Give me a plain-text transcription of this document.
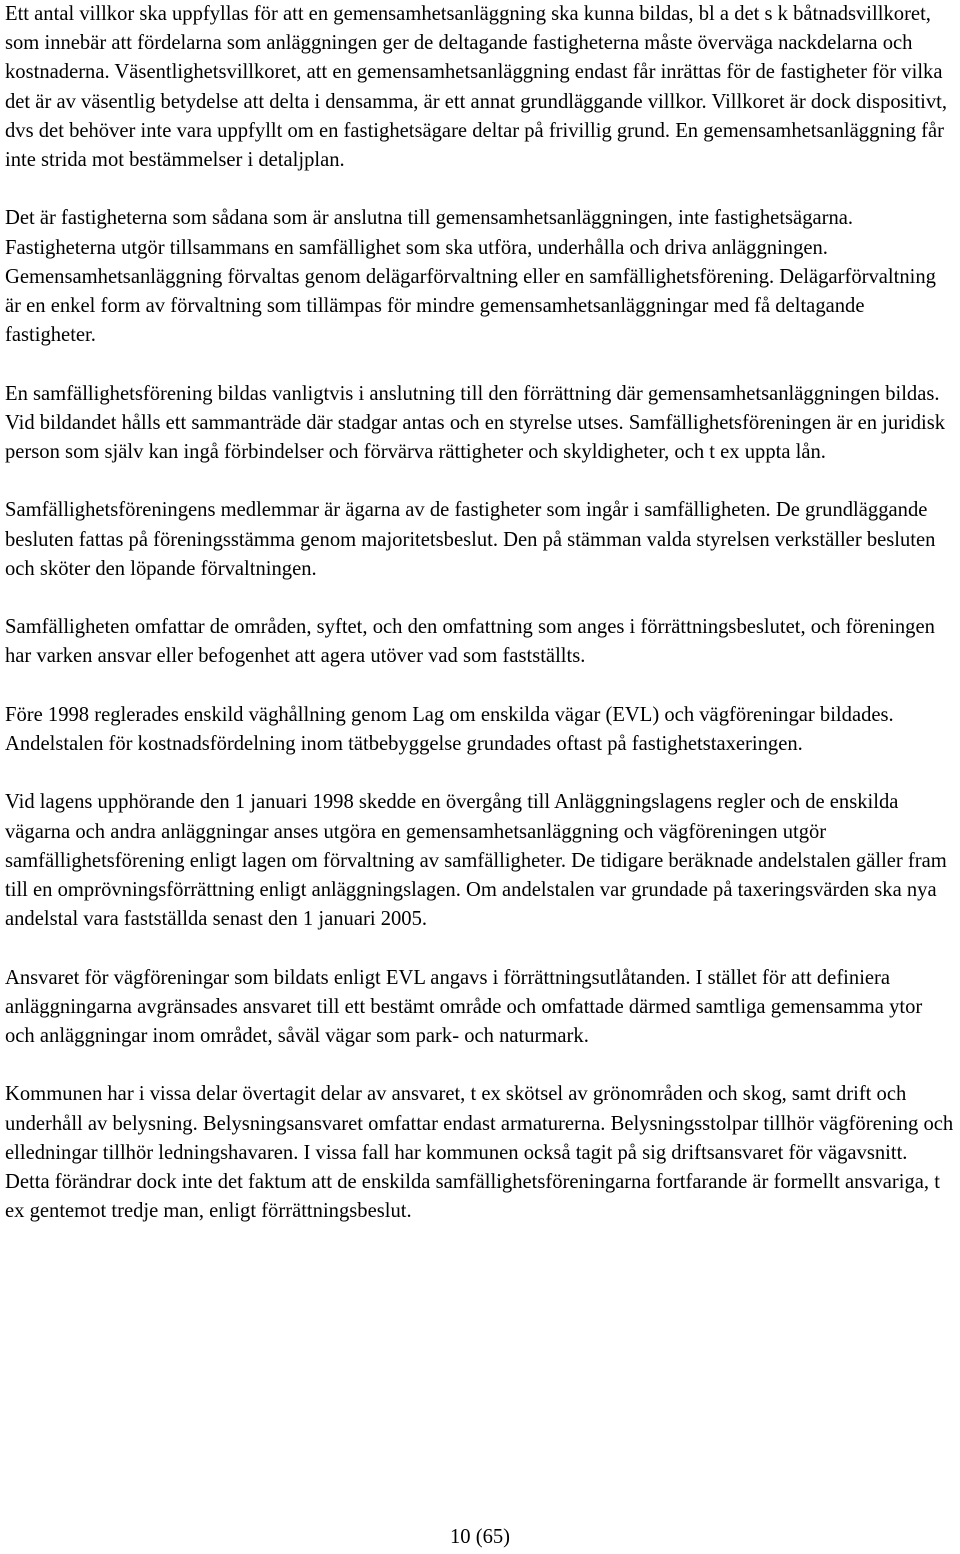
Ett antal villkor ska uppfyllas för att en gemensamhetsanläggning ska kunna bildas, bl a det s k båtnadsvillkoret, som innebär att fördelarna som anläggningen ger de deltagande fastigheterna måste överväga nackdelarna och kostnaderna. Väsentlighetsvillkoret, att en gemensamhetsanläggning endast får inrättas för de fastigheter för vilka det är av väsentlig betydelse att delta i densamma, är ett annat grundläggande villkor. Villkoret är dock dispositivt, dvs det behöver inte vara uppfyllt om en fastighetsägare deltar på frivillig grund. En gemensamhetsanläggning får inte strida mot bestämmelser i detaljplan.

Det är fastigheterna som sådana som är anslutna till gemensamhetsanläggningen, inte fastighetsägarna. Fastigheterna utgör tillsammans en samfällighet som ska utföra, underhålla och driva anläggningen. Gemensamhetsanläggning förvaltas genom delägarförvaltning eller en samfällighetsförening. Delägarförvaltning är en enkel form av förvaltning som tillämpas för mindre gemensamhetsanläggningar med få deltagande fastigheter.

En samfällighetsförening bildas vanligtvis i anslutning till den förrättning där gemensamhetsanläggningen bildas. Vid bildandet hålls ett sammanträde där stadgar antas och en styrelse utses. Samfällighetsföreningen är en juridisk person som själv kan ingå förbindelser och förvärva rättigheter och skyldigheter, och t ex uppta lån.

Samfällighetsföreningens medlemmar är ägarna av de fastigheter som ingår i samfälligheten. De grundläggande besluten fattas på föreningsstämma genom majoritetsbeslut. Den på stämman valda styrelsen verkställer besluten och sköter den löpande förvaltningen.

Samfälligheten omfattar de områden, syftet, och den omfattning som anges i förrättningsbeslutet, och föreningen har varken ansvar eller befogenhet att agera utöver vad som fastställts.

Före 1998 reglerades enskild väghållning genom Lag om enskilda vägar (EVL) och vägföreningar bildades. Andelstalen för kostnadsfördelning inom tätbebyggelse grundades oftast på fastighetstaxeringen.

Vid lagens upphörande den 1 januari 1998 skedde en övergång till Anläggningslagens regler och de enskilda vägarna och andra anläggningar anses utgöra en gemensamhetsanläggning och vägföreningen utgör samfällighetsförening enligt lagen om förvaltning av samfälligheter. De tidigare beräknade andelstalen gäller fram till en omprövningsförrättning enligt anläggningslagen. Om andelstalen var grundade på taxeringsvärden ska nya andelstal vara fastställda senast den 1 januari 2005.

Ansvaret för vägföreningar som bildats enligt EVL angavs i förrättningsutlåtanden. I stället för att definiera anläggningarna avgränsades ansvaret till ett bestämt område och omfattade därmed samtliga gemensamma ytor och anläggningar inom området, såväl vägar som park- och naturmark.

Kommunen har i vissa delar övertagit delar av ansvaret, t ex skötsel av grönområden och skog, samt drift och underhåll av belysning. Belysningsansvaret omfattar endast armaturerna. Belysningsstolpar tillhör vägförening och elledningar tillhör ledningshavaren. I vissa fall har kommunen också tagit på sig driftsansvaret för vägavsnitt. Detta förändrar dock inte det faktum att de enskilda samfällighetsföreningarna fortfarande är formellt ansvariga, t ex gentemot tredje man, enligt förrättningsbeslut.

10 (65)
